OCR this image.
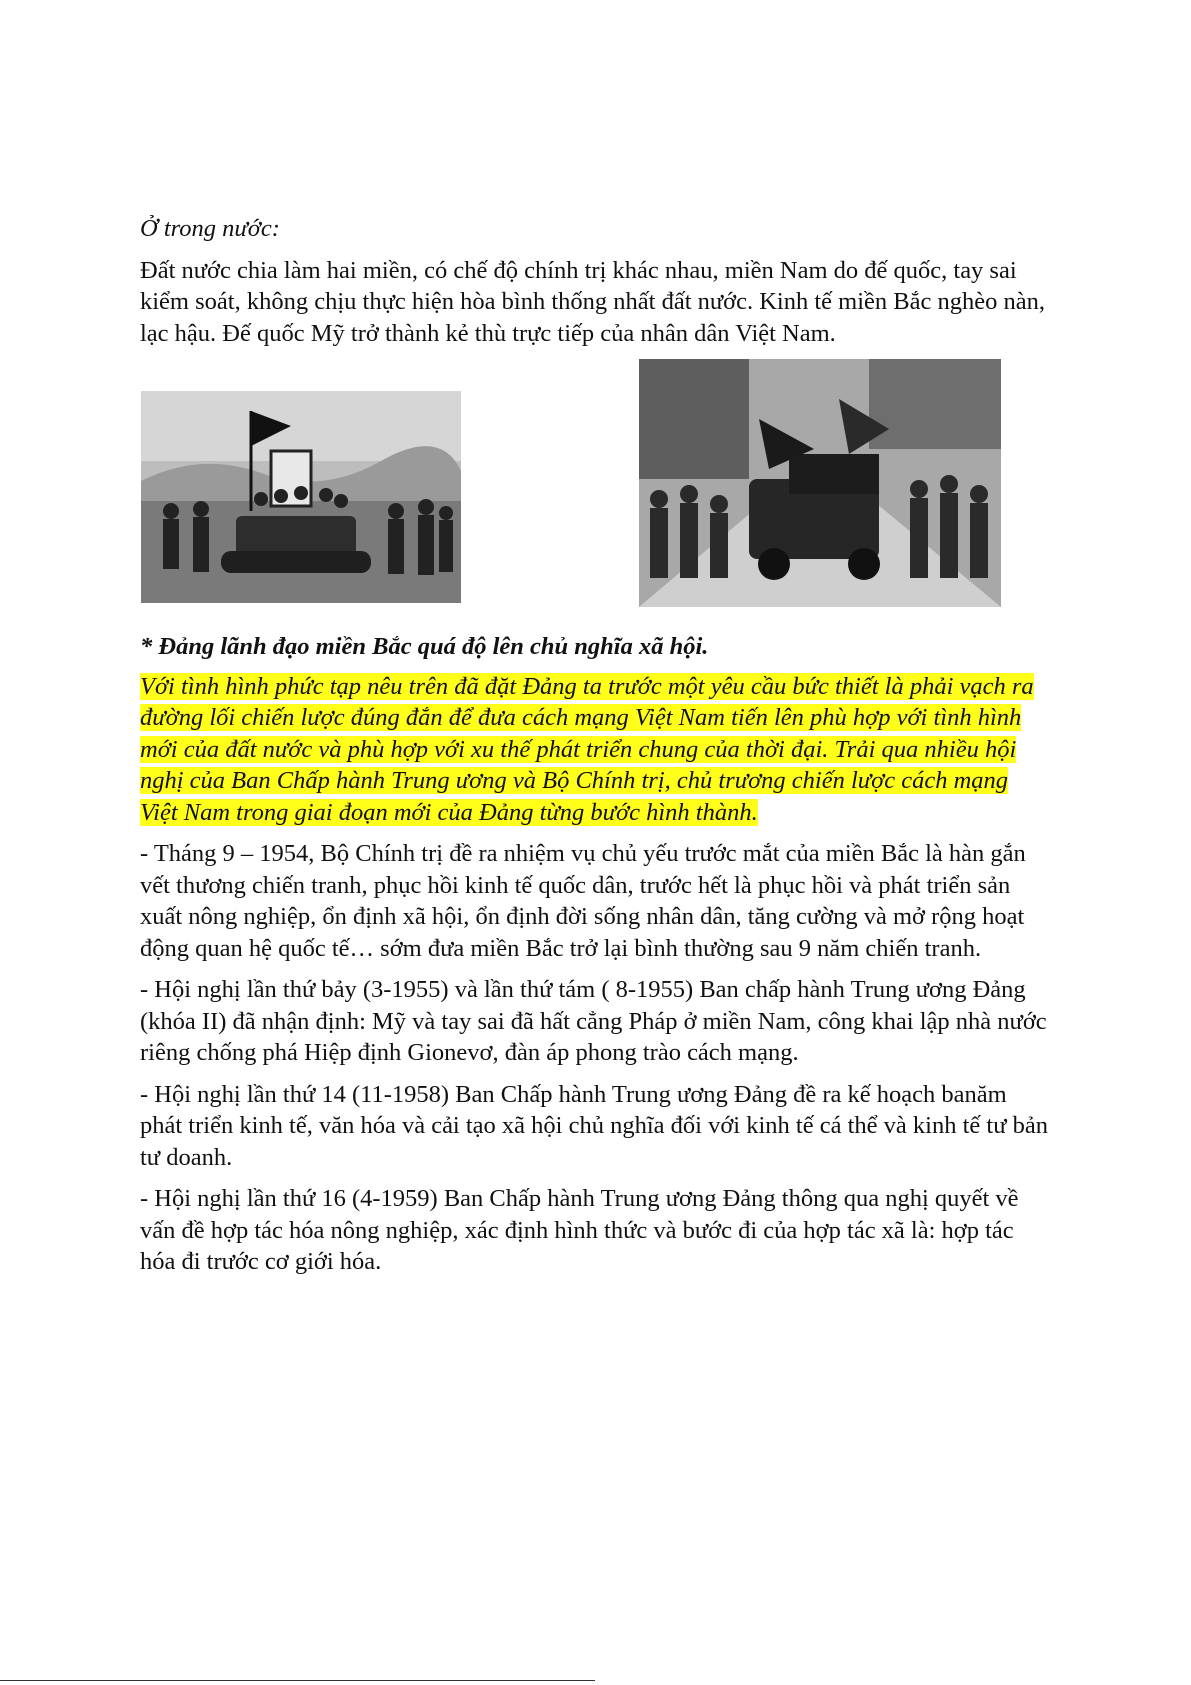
Ở trong nước:

Đất nước chia làm hai miền, có chế độ chính trị khác nhau, miền Nam do đế quốc, tay sai kiểm soát, không chịu thực hiện hòa bình thống nhất đất nước. Kinh tế miền Bắc nghèo nàn, lạc hậu. Đế quốc Mỹ trở thành kẻ thù trực tiếp của nhân dân Việt Nam.

* Đảng lãnh đạo miền Bắc quá độ lên chủ nghĩa xã hội.

Với tình hình phức tạp nêu trên đã đặt Đảng ta trước một yêu cầu bức thiết là phải vạch ra đường lối chiến lược đúng đắn để đưa cách mạng Việt Nam tiến lên phù hợp với tình hình mới của đất nước và phù hợp với xu thế phát triển chung của thời đại. Trải qua nhiều hội nghị của Ban Chấp hành Trung ương và Bộ Chính trị, chủ trương chiến lược cách mạng Việt Nam trong giai đoạn mới của Đảng từng bước hình thành.

- Tháng 9 – 1954, Bộ Chính trị đề ra nhiệm vụ chủ yếu trước mắt của miền Bắc là hàn gắn vết thương chiến tranh, phục hồi kinh tế quốc dân, trước hết là phục hồi và phát triển sản xuất nông nghiệp, ổn định xã hội, ổn định đời sống nhân dân, tăng cường và mở rộng hoạt động quan hệ quốc tế… sớm đưa miền Bắc trở lại bình thường sau 9 năm chiến tranh.

- Hội nghị lần thứ bảy (3-1955) và lần thứ tám ( 8-1955) Ban chấp hành Trung ương Đảng (khóa II) đã nhận định: Mỹ và tay sai đã hất cẳng Pháp ở miền Nam, công khai lập nhà nước riêng chống phá Hiệp định Gionevơ, đàn áp phong trào cách mạng.

- Hội nghị lần thứ 14 (11-1958) Ban Chấp hành Trung ương Đảng đề ra kế hoạch banăm phát triển kinh tế, văn hóa và cải tạo xã hội chủ nghĩa đối với kinh tế cá thể và kinh tế tư bản tư doanh.

- Hội nghị lần thứ 16 (4-1959) Ban Chấp hành Trung ương Đảng thông qua nghị quyết về vấn đề hợp tác hóa nông nghiệp, xác định hình thức và bước đi của hợp tác xã là: hợp tác hóa đi trước cơ giới hóa.
